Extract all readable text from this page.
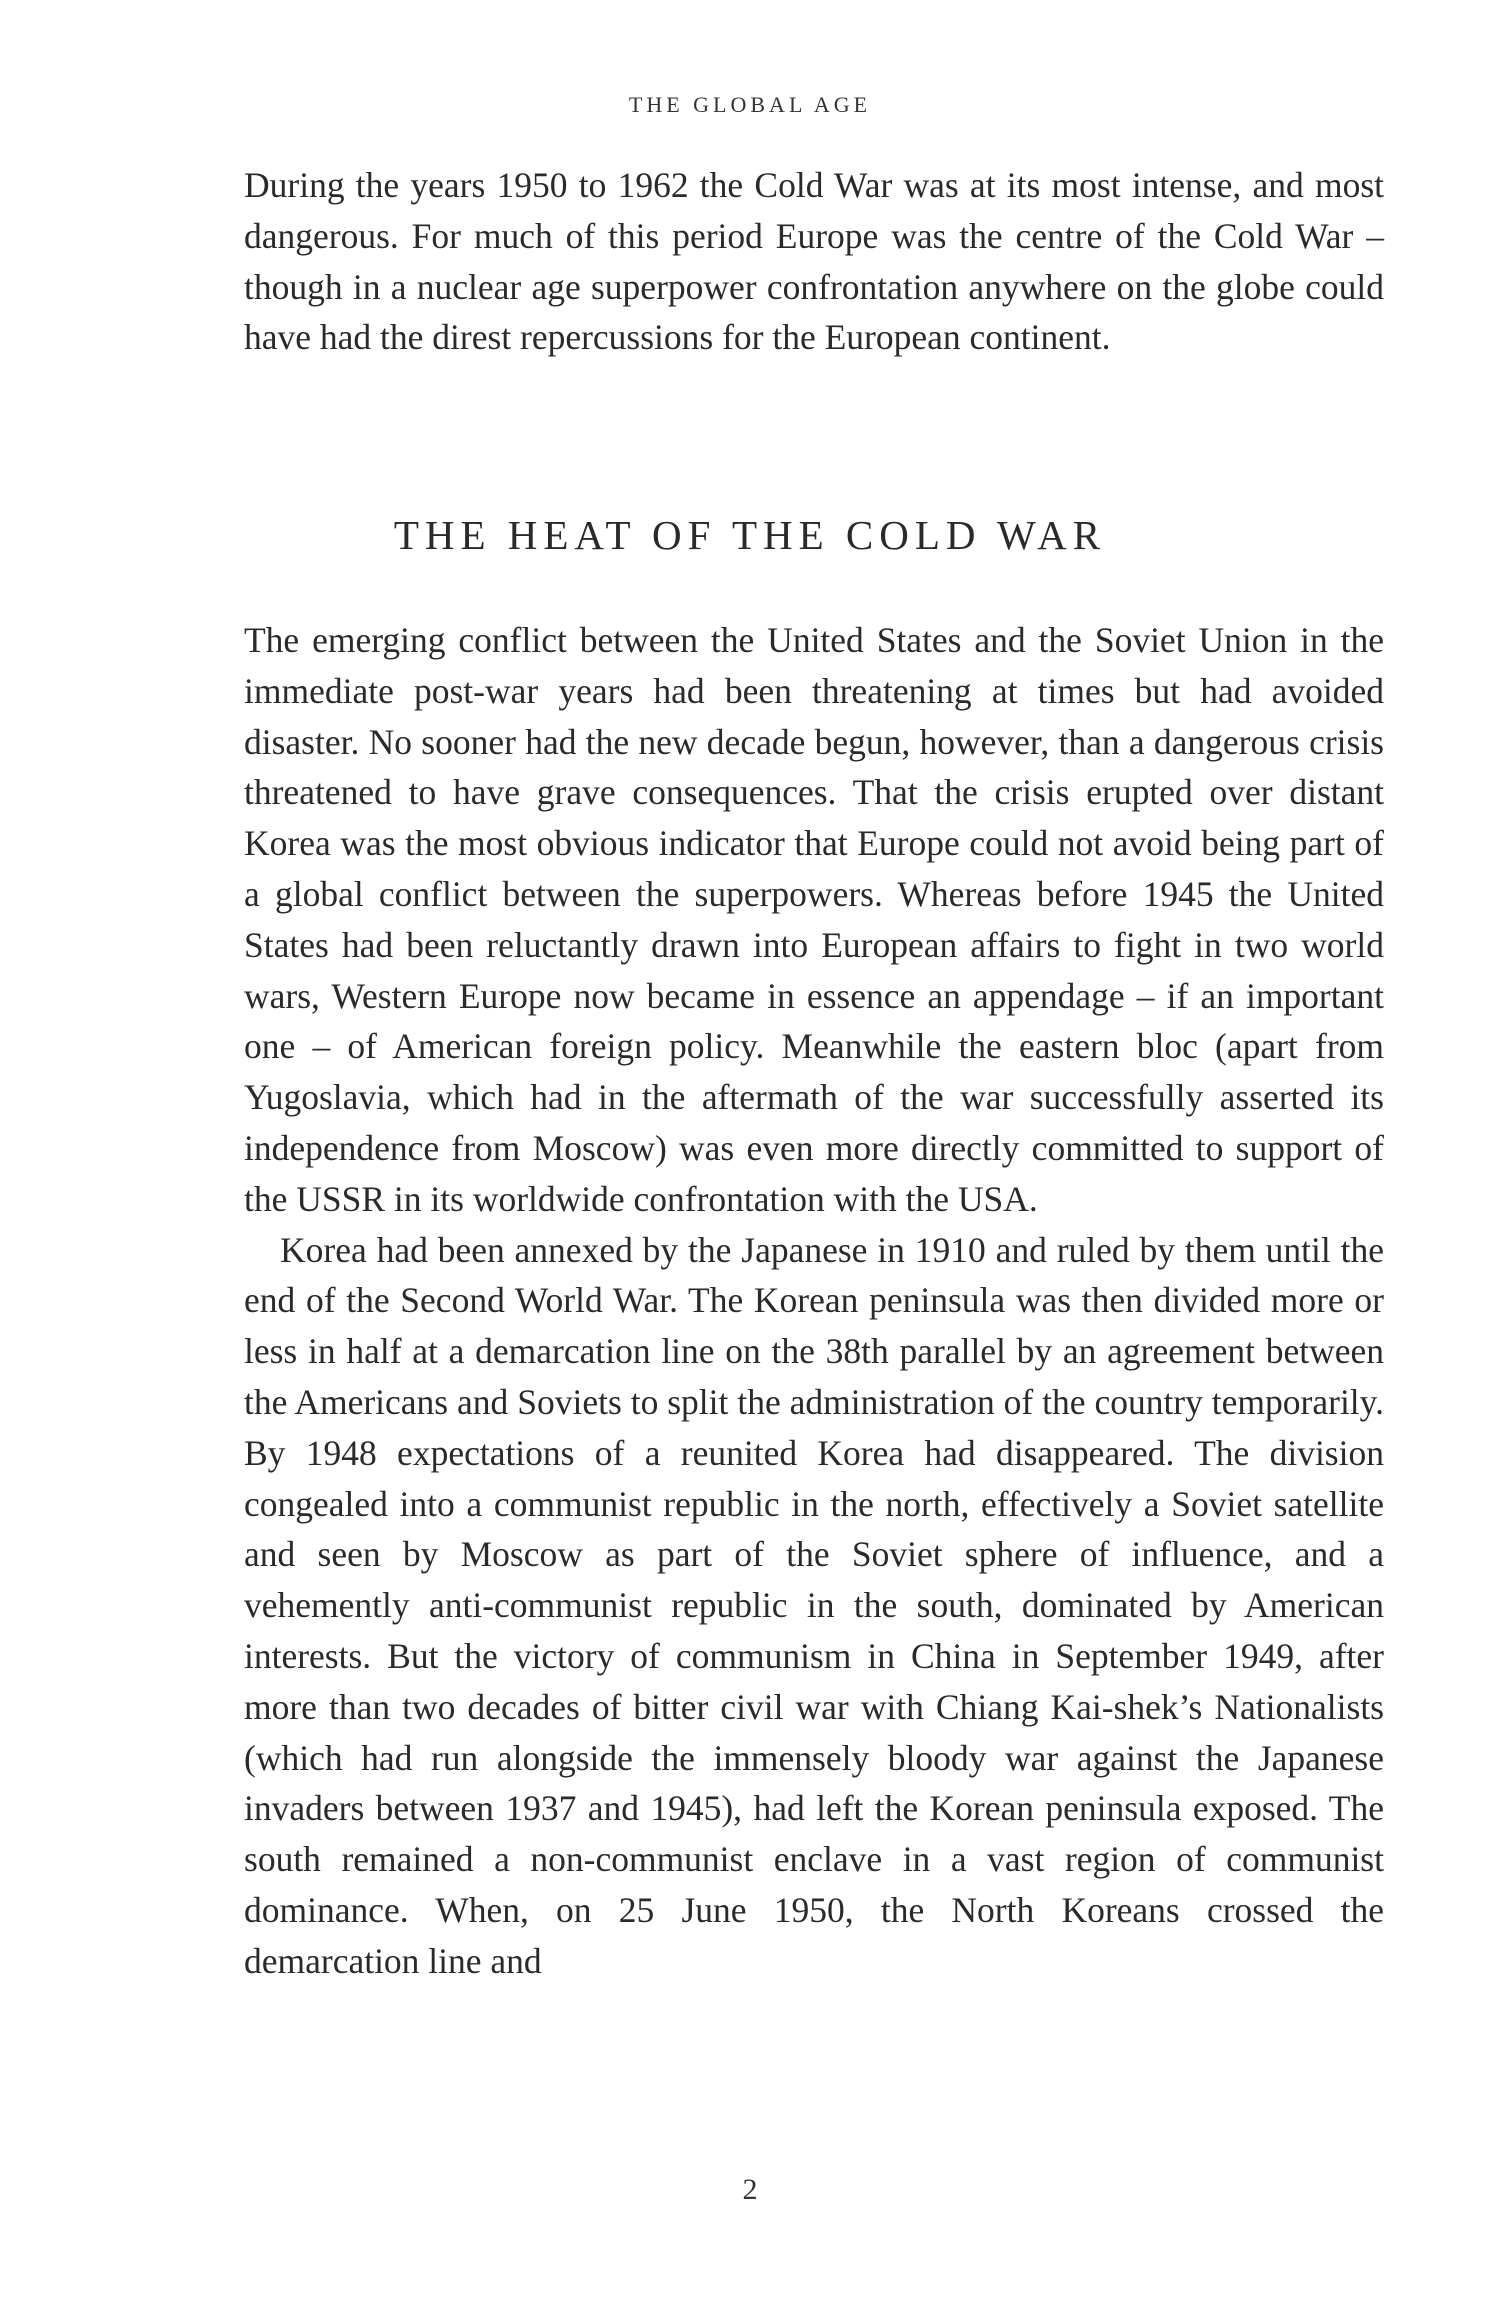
THE GLOBAL AGE

During the years 1950 to 1962 the Cold War was at its most intense, and most dangerous. For much of this period Europe was the centre of the Cold War – though in a nuclear age superpower confrontation anywhere on the globe could have had the direst repercussions for the European continent.

THE HEAT OF THE COLD WAR

The emerging conflict between the United States and the Soviet Union in the immediate post-war years had been threatening at times but had avoided disaster. No sooner had the new decade begun, however, than a dangerous crisis threatened to have grave consequences. That the crisis erupted over distant Korea was the most obvious indicator that Europe could not avoid being part of a global conflict between the superpowers. Whereas before 1945 the United States had been reluctantly drawn into European affairs to fight in two world wars, Western Europe now became in essence an appendage – if an important one – of American foreign policy. Meanwhile the eastern bloc (apart from Yugoslavia, which had in the aftermath of the war successfully asserted its independence from Moscow) was even more directly committed to support of the USSR in its worldwide confrontation with the USA.

Korea had been annexed by the Japanese in 1910 and ruled by them until the end of the Second World War. The Korean peninsula was then divided more or less in half at a demarcation line on the 38th parallel by an agreement between the Americans and Soviets to split the administration of the country temporarily. By 1948 expectations of a reunited Korea had disappeared. The division congealed into a communist republic in the north, effectively a Soviet satellite and seen by Moscow as part of the Soviet sphere of influence, and a vehemently anti-communist republic in the south, dominated by American interests. But the victory of communism in China in September 1949, after more than two decades of bitter civil war with Chiang Kai-shek’s Nationalists (which had run alongside the immensely bloody war against the Japanese invaders between 1937 and 1945), had left the Korean peninsula exposed. The south remained a non-communist enclave in a vast region of communist dominance. When, on 25 June 1950, the North Koreans crossed the demarcation line and

2
